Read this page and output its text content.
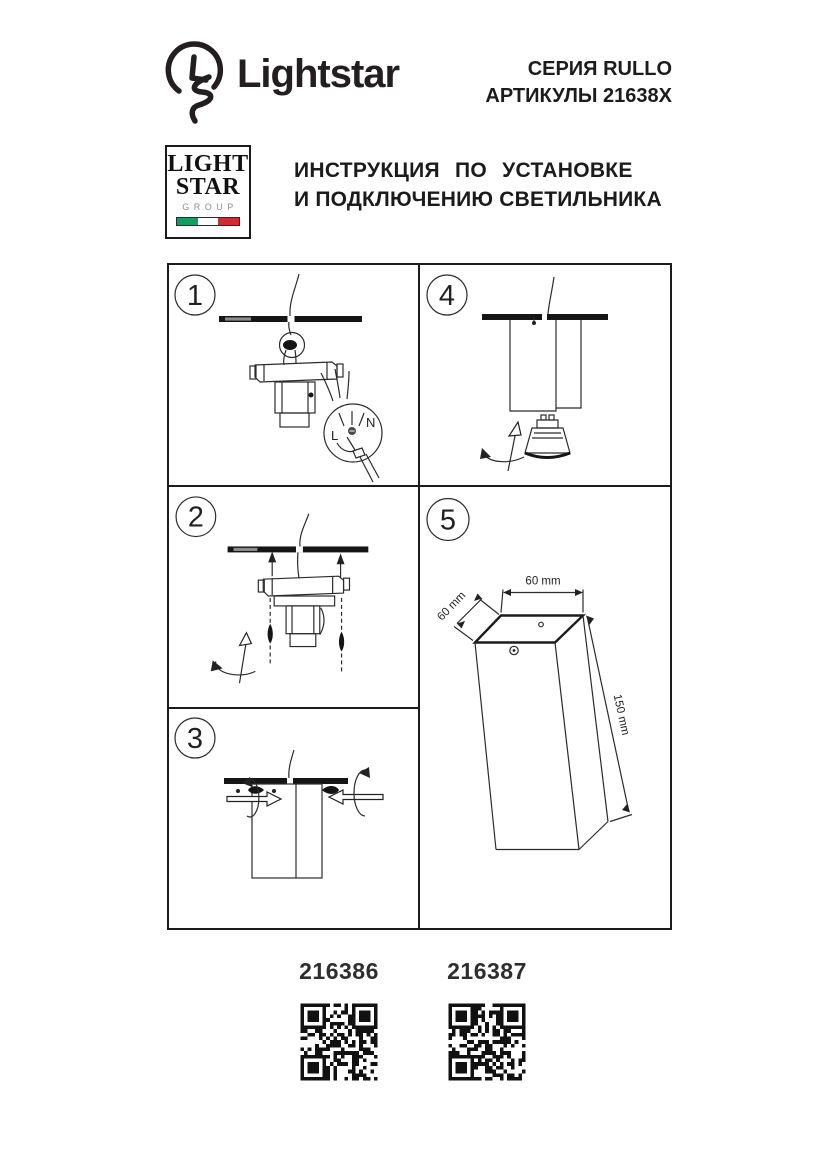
Lightstar	СЕРИЯ RULLO
АРТИКУЛЫ 21638X
LIGHT
STAR
GROUP
ИНСТРУКЦИЯ ПО УСТАНОВКЕ
И ПОДКЛЮЧЕНИЮ СВЕТИЛЬНИКА
1
L
N
2
3
4
5
60 mm
60 mm
150 mm
216386	216387
